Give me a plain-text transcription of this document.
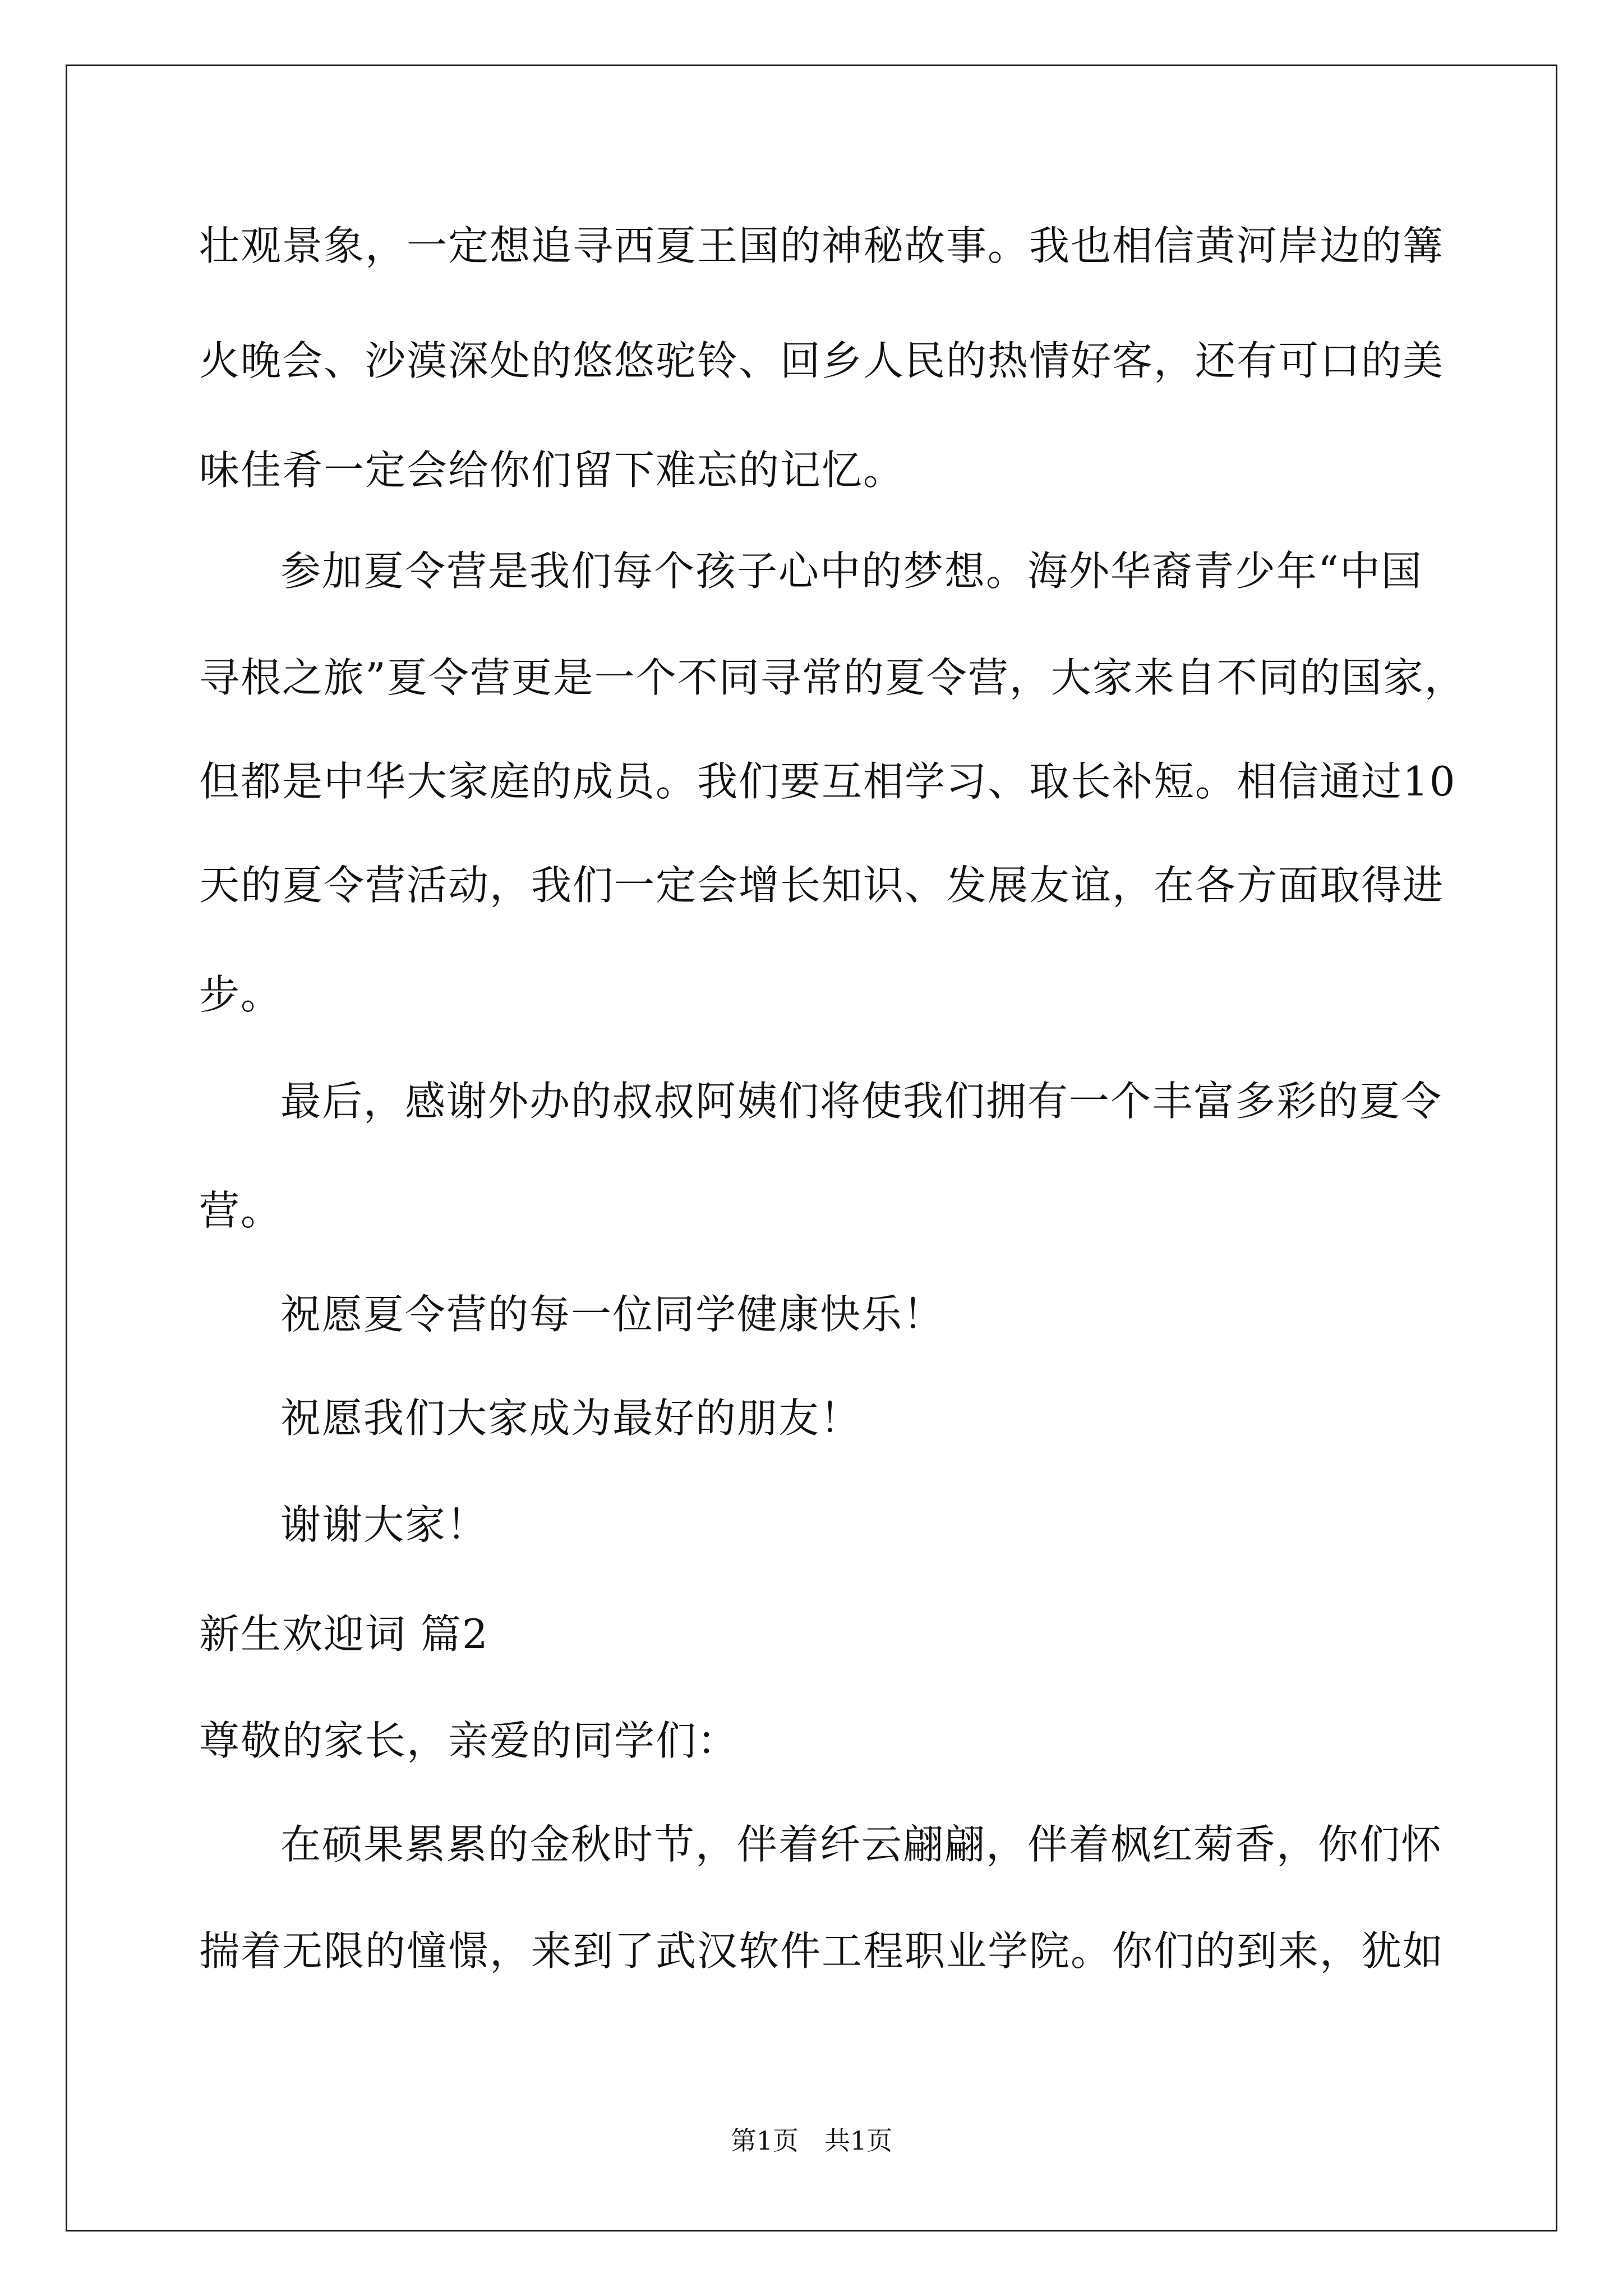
壮观景象，一定想追寻西夏王国的神秘故事。我也相信黄河岸边的篝
火晚会、沙漠深处的悠悠驼铃、回乡人民的热情好客，还有可口的美
味佳肴一定会给你们留下难忘的记忆。
参加夏令营是我们每个孩子心中的梦想。海外华裔青少年“中国
寻根之旅”夏令营更是一个不同寻常的夏令营，大家来自不同的国家，
但都是中华大家庭的成员。我们要互相学习、取长补短。相信通过10
天的夏令营活动，我们一定会增长知识、发展友谊，在各方面取得进
步。
最后，感谢外办的叔叔阿姨们将使我们拥有一个丰富多彩的夏令
营。
祝愿夏令营的每一位同学健康快乐！
祝愿我们大家成为最好的朋友！
谢谢大家！
新生欢迎词 篇2
尊敬的家长，亲爱的同学们：
在硕果累累的金秋时节，伴着纤云翩翩，伴着枫红菊香，你们怀
揣着无限的憧憬，来到了武汉软件工程职业学院。你们的到来，犹如
第1页　共1页
